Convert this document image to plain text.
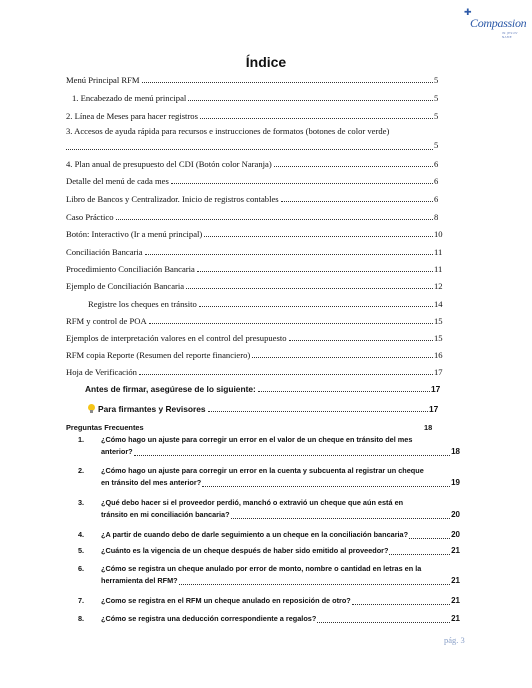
✚
Compassion
IN JESUS' NAME
Índice
Menú Principal RFM	5
1. Encabezado de menú principal	5
2. Línea de Meses para hacer registros	5
3. Accesos de ayuda rápida para recursos e instrucciones de formatos (botones de color verde)
5
4. Plan anual de presupuesto del CDI (Botón color Naranja)	6
Detalle del menú de cada mes	6
Libro de Bancos y Centralizador. Inicio de registros contables	6
Caso Práctico	8
Botón: Interactivo (Ir a menú principal)	10
Conciliación Bancaria	11
Procedimiento Conciliación Bancaria	11
Ejemplo de Conciliación Bancaria	12
Registre los cheques en tránsito	14
RFM y control de POA	15
Ejemplos de interpretación valores en el control del presupuesto	15
RFM copia Reporte (Resumen del reporte financiero)	16
Hoja de Verificación	17
Antes de firmar, asegúrese de lo siguiente:	17
Para firmantes y Revisores	17
Preguntas Frecuentes	18
1. ¿Cómo hago un ajuste para corregir un error en el valor de un cheque en tránsito del mes
anterior?	18
2. ¿Cómo hago un ajuste para corregir un error en la cuenta y subcuenta al registrar un cheque
en tránsito del mes anterior?	19
3. ¿Qué debo hacer si el proveedor perdió, manchó o extravió un cheque que aún está en
tránsito en mi conciliación bancaria?	20
4. ¿A partir de cuando debo de darle seguimiento a un cheque en la conciliación bancaria?	20
5. ¿Cuánto es la vigencia de un cheque después de haber sido emitido al proveedor?	21
6. ¿Cómo se registra un cheque anulado por error de monto, nombre o cantidad en letras en la
herramienta del RFM?	21
7. ¿Como se registra en el RFM un cheque anulado en reposición de otro?	21
8. ¿Cómo se registra una deducción correspondiente a regalos?	21
pág. 3
